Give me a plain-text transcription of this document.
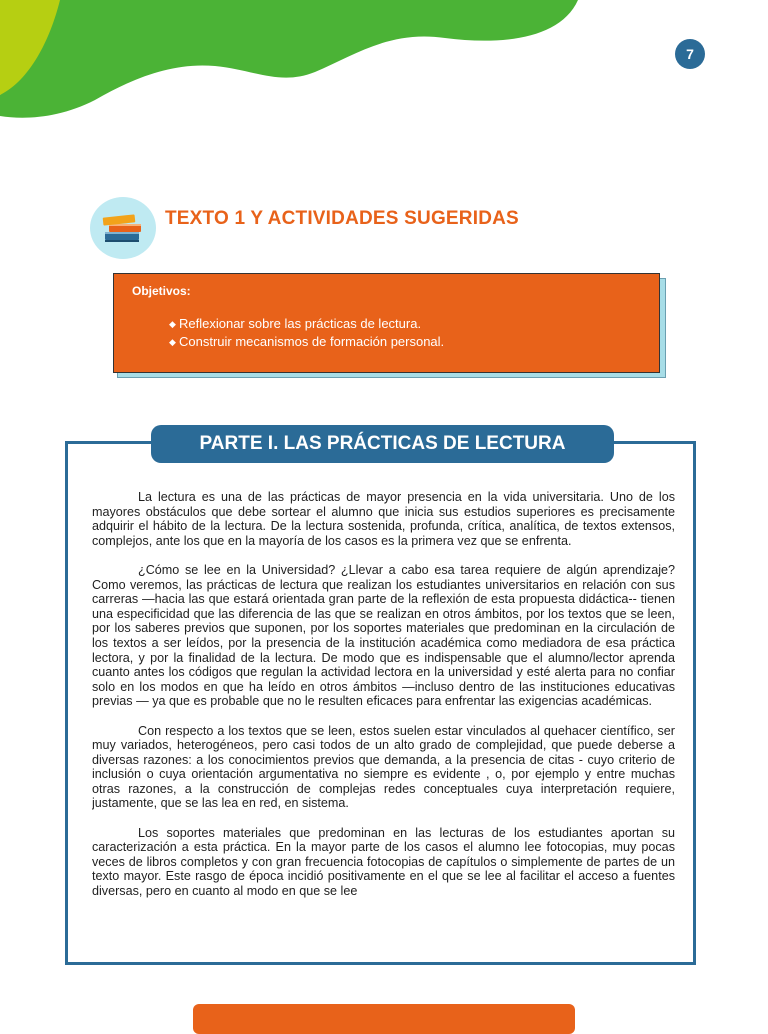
7
TEXTO 1 Y ACTIVIDADES SUGERIDAS
Objetivos:
◆ Reflexionar sobre las prácticas de lectura.
◆ Construir mecanismos de formación personal.
PARTE I. LAS PRÁCTICAS DE LECTURA

La lectura es una de las prácticas de mayor presencia en la vida universitaria. Uno de los mayores obstáculos que debe sortear el alumno que inicia sus estudios superiores es precisamente adquirir el hábito de la lectura. De la lectura sostenida, profunda, crítica, analítica, de textos extensos, complejos, ante los que en la mayoría de los casos es la primera vez que se enfrenta.

¿Cómo se lee en la Universidad? ¿Llevar a cabo esa tarea requiere de algún aprendizaje? Como veremos, las prácticas de lectura que realizan los estudiantes universitarios en relación con sus carreras —hacia las que estará orientada gran parte de la reflexión de esta propuesta didáctica-- tienen una especificidad que las diferencia de las que se realizan en otros ámbitos, por los textos que se leen, por los saberes previos que suponen, por los soportes materiales que predominan en la circulación de los textos a ser leídos, por la presencia de la institución académica como mediadora de esa práctica lectora, y por la finalidad de la lectura. De modo que es indispensable que el alumno/lector aprenda cuanto antes los códigos que regulan la actividad lectora en la universidad y esté alerta para no confiar solo en los modos en que ha leído en otros ámbitos —incluso dentro de las instituciones educativas previas — ya que es probable que no le resulten eficaces para enfrentar las exigencias académicas.

Con respecto a los textos que se leen, estos suelen estar vinculados al quehacer científico, ser muy variados, heterogéneos, pero casi todos de un alto grado de complejidad, que puede deberse a diversas razones: a los conocimientos previos que demanda, a la presencia de citas - cuyo criterio de inclusión o cuya orientación argumentativa no siempre es evidente , o, por ejemplo y entre muchas otras razones, a la construcción de complejas redes conceptuales cuya interpretación requiere, justamente, que se las lea en red, en sistema.

Los soportes materiales que predominan en las lecturas de los estudiantes aportan su caracterización a esta práctica. En la mayor parte de los casos el alumno lee fotocopias, muy pocas veces de libros completos y con gran frecuencia fotocopias de capítulos o simplemente de partes de un texto mayor. Este rasgo de época incidió positivamente en el que se lee al facilitar el acceso a fuentes diversas, pero en cuanto al modo en que se lee
